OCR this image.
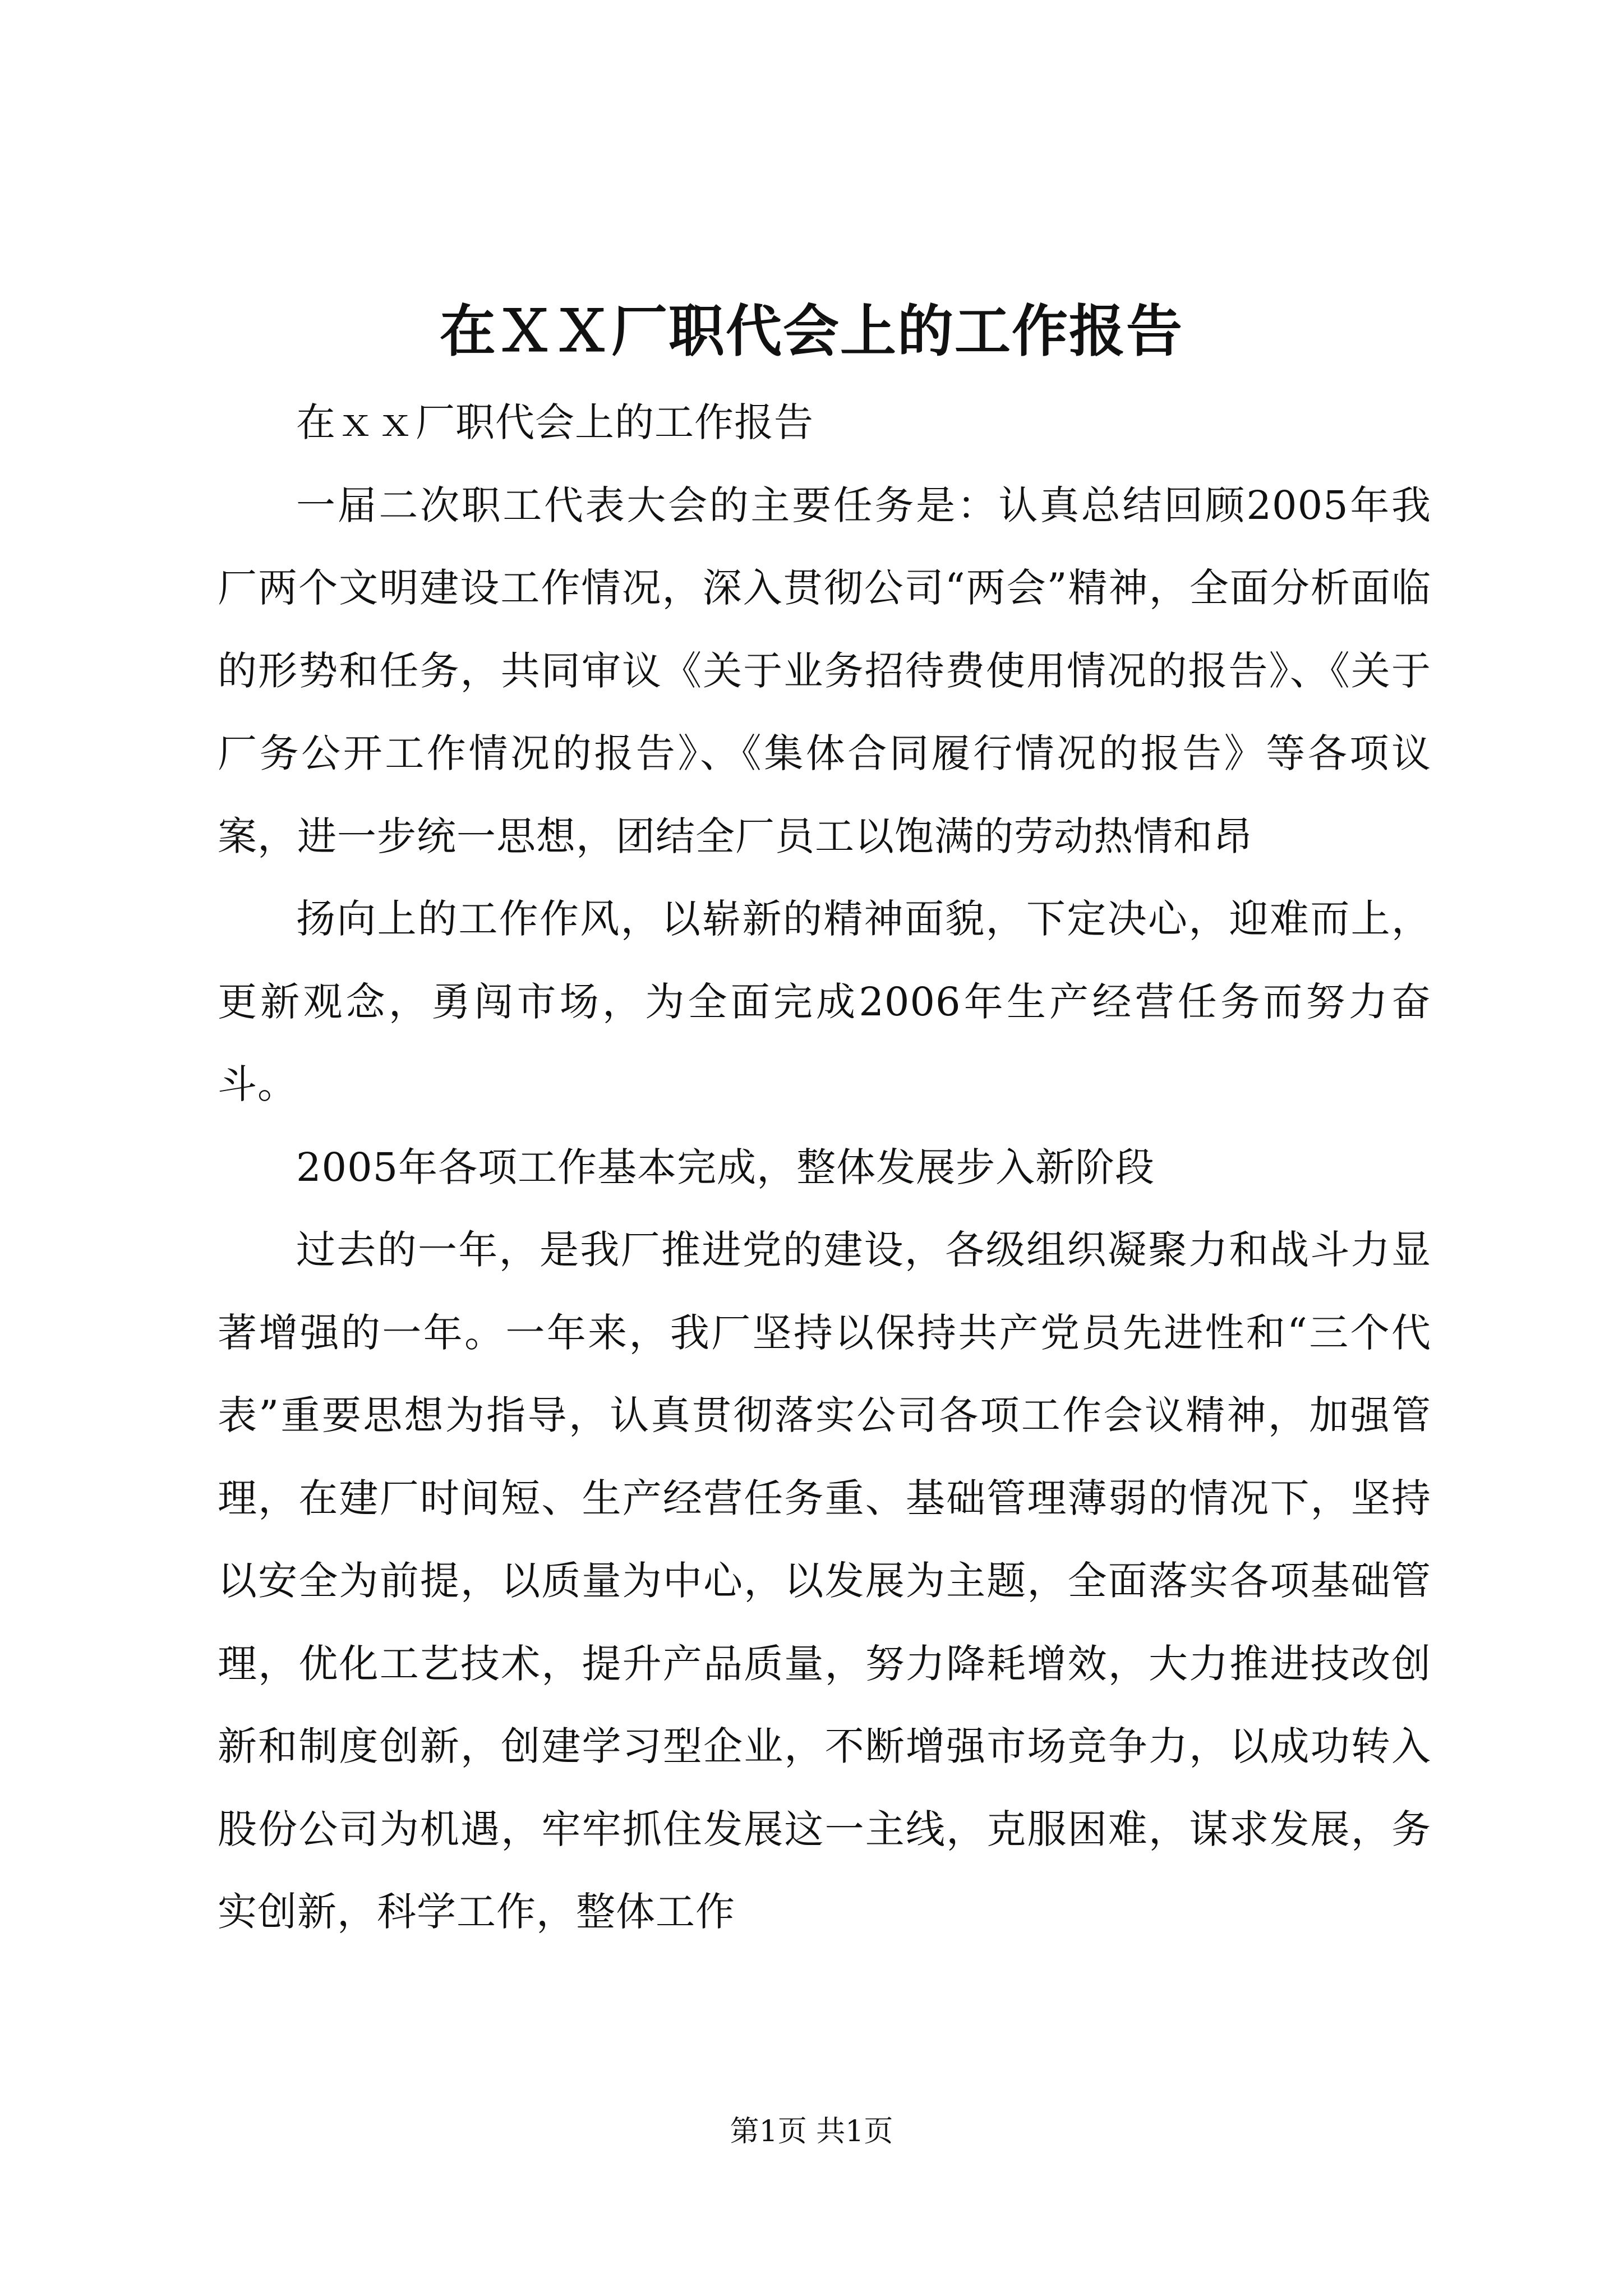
在ＸＸ厂职代会上的工作报告

在ｘｘ厂职代会上的工作报告

一届二次职工代表大会的主要任务是：认真总结回顾2005年我厂两个文明建设工作情况，深入贯彻公司“两会”精神，全面分析面临的形势和任务，共同审议《关于业务招待费使用情况的报告》、《关于厂务公开工作情况的报告》、《集体合同履行情况的报告》等各项议案，进一步统一思想，团结全厂员工以饱满的劳动热情和昂

扬向上的工作作风，以崭新的精神面貌，下定决心，迎难而上，更新观念，勇闯市场，为全面完成2006年生产经营任务而努力奋斗。

2005年各项工作基本完成，整体发展步入新阶段

过去的一年，是我厂推进党的建设，各级组织凝聚力和战斗力显著增强的一年。一年来，我厂坚持以保持共产党员先进性和“三个代表”重要思想为指导，认真贯彻落实公司各项工作会议精神，加强管理，在建厂时间短、生产经营任务重、基础管理薄弱的情况下，坚持以安全为前提，以质量为中心，以发展为主题，全面落实各项基础管理，优化工艺技术，提升产品质量，努力降耗增效，大力推进技改创新和制度创新，创建学习型企业，不断增强市场竞争力，以成功转入股份公司为机遇，牢牢抓住发展这一主线，克服困难，谋求发展，务实创新，科学工作，整体工作

第1页 共1页
